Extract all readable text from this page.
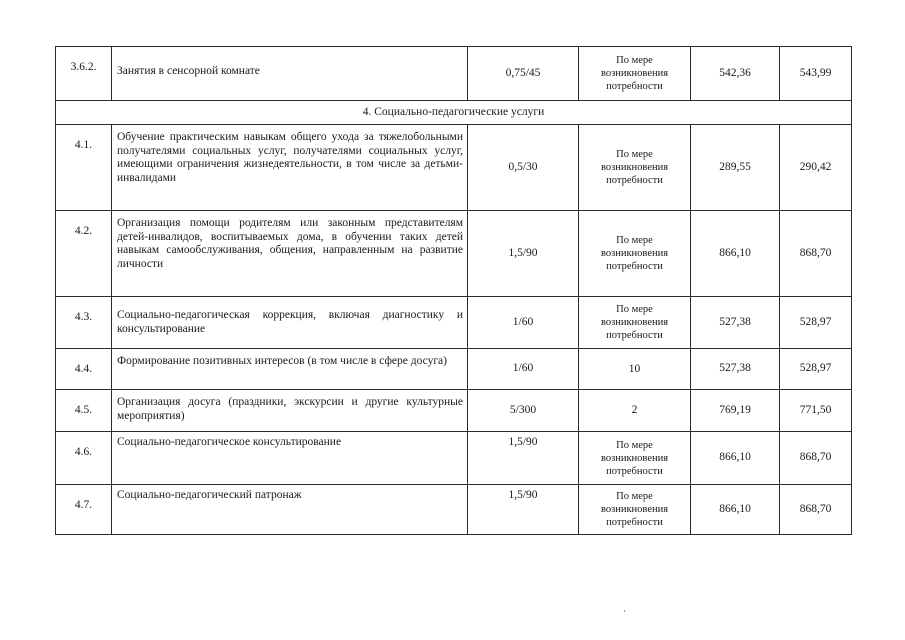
3.6.2.	Занятия в сенсорной комнате	0,75/45	По мере
возникновения
потребности	542,36	543,99
4. Социально-педагогические услуги					
4.1.	Обучение практическим навыкам общего ухода за тяжелобольными получателями социальных услуг, получателями социальных услуг, имеющими ограничения жизнедеятельности, в том числе за детьми-инвалидами	0,5/30	По мере
возникновения
потребности	289,55	290,42
4.2.	Организация помощи родителям или законным представителям детей-инвалидов, воспитываемых дома, в обучении таких детей навыкам самообслуживания, общения, направленным на развитие личности	1,5/90	По мере
возникновения
потребности	866,10	868,70
4.3.	Социально-педагогическая коррекция, включая диагностику и консультирование	1/60	По мере
возникновения
потребности	527,38	528,97
4.4.	Формирование позитивных интересов (в том числе в сфере досуга)	1/60	10	527,38	528,97
4.5.	Организация досуга (праздники, экскурсии и другие культурные мероприятия)	5/300	2	769,19	771,50
4.6.	Социально-педагогическое консультирование	1,5/90	По мере
возникновения
потребности	866,10	868,70
4.7.	Социально-педагогический патронаж	1,5/90	По мере
возникновения
потребности	866,10	868,70
